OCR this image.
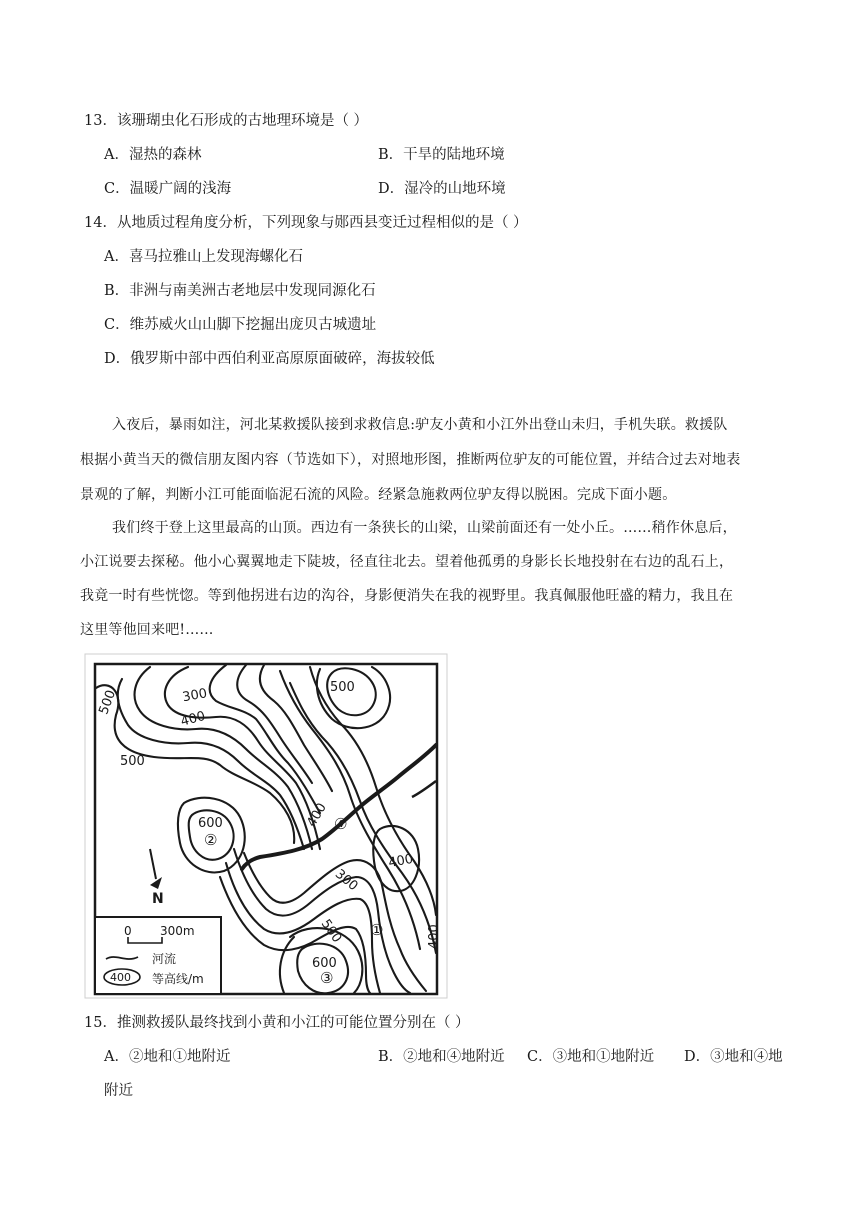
13．该珊瑚虫化石形成的古地理环境是（ ）
A．湿热的森林	B．干旱的陆地环境
C．温暖广阔的浅海	D．湿冷的山地环境
14．从地质过程角度分析，下列现象与郧西县变迁过程相似的是（ ）
A．喜马拉雅山上发现海螺化石
B．非洲与南美洲古老地层中发现同源化石
C．维苏威火山山脚下挖掘出庞贝古城遗址
D．俄罗斯中部中西伯利亚高原原面破碎，海拔较低
入夜后，暴雨如注，河北某救援队接到求救信息:驴友小黄和小江外出登山未归，手机失联。救援队
根据小黄当天的微信朋友图内容（节选如下），对照地形图，推断两位驴友的可能位置，并结合过去对地表
景观的了解，判断小江可能面临泥石流的风险。经紧急施救两位驴友得以脱困。完成下面小题。
我们终于登上这里最高的山顶。西边有一条狭长的山梁，山梁前面还有一处小丘。……稍作休息后，
小江说要去探秘。他小心翼翼地走下陡坡，径直往北去。望着他孤勇的身影长长地投射在右边的乱石上，
我竟一时有些恍惚。等到他拐进右边的沟谷，身影便消失在我的视野里。我真佩服他旺盛的精力，我且在
这里等他回来吧!……
500	300
400
500
500
600	400
400
300
500	400
600
②
④
①
③
N
0 300m
河流
400 等高线/m
15．推测救援队最终找到小黄和小江的可能位置分别在（ ）
A．②地和①地附近	B．②地和④地附近 C．③地和①地附近 D．③地和④地
附近
